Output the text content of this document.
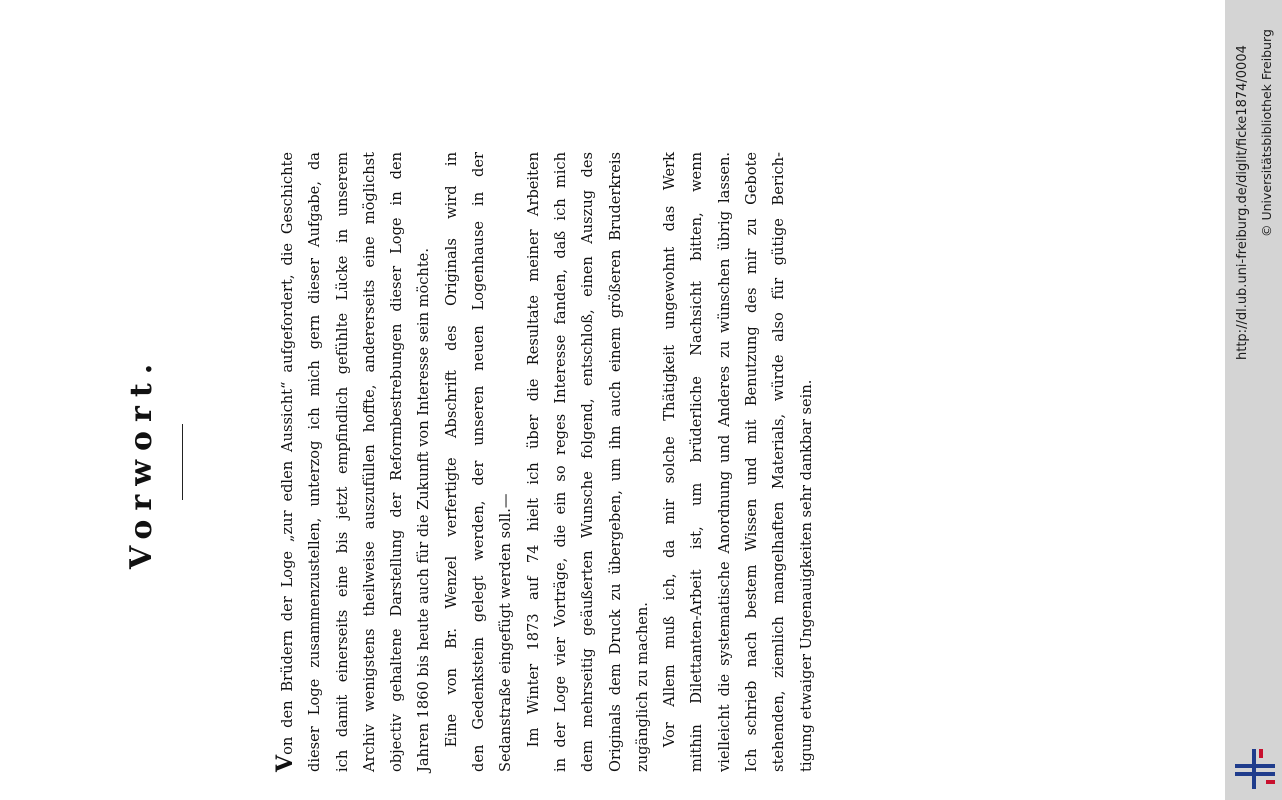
Vorwort.
Von den Brüdern der Loge „zur edlen Aussicht“ aufgefordert, die Geschichte dieser Loge zusammenzustellen, unterzog ich mich gern dieser Aufgabe, da ich damit einerseits eine bis jetzt empfindlich gefühlte Lücke in unserem Archiv wenigstens theilweise auszufüllen hoffte, andererseits eine möglichst objectiv gehaltene Darstellung der Reformbestrebungen dieser Loge in den Jahren 1860 bis heute auch für die Zukunft von Interesse sein möchte. Eine von Br. Wenzel verfertigte Abschrift des Originals wird in den Gedenkstein gelegt werden, der unseren neuen Logenhause in der Sedanstraße eingefügt werden soll.— Im Winter 1873 auf 74 hielt ich über die Resultate meiner Arbeiten in der Loge vier Vorträge, die ein so reges Interesse fanden, daß ich mich dem mehrseitig geäußerten Wunsche folgend, entschloß, einen Auszug des Originals dem Druck zu übergeben, um ihn auch einem größeren Bruderkreis zugänglich zu machen. Vor Allem muß ich, da mir solche Thätigkeit ungewohnt das Werk mithin Dilettanten-Arbeit ist, um brüderliche Nachsicht bitten, wenn vielleicht die systematische Anordnung und Anderes zu wünschen übrig lassen. Ich schrieb nach bestem Wissen und mit Benutzung des mir zu Gebote stehenden, ziemlich mangelhaften Materials, würde also für gütige Berich- tigung etwaiger Ungenauigkeiten sehr dankbar sein.
http://dl.ub.uni-freiburg.de/diglit/ficke1874/0004 © Universitätsbibliothek Freiburg
